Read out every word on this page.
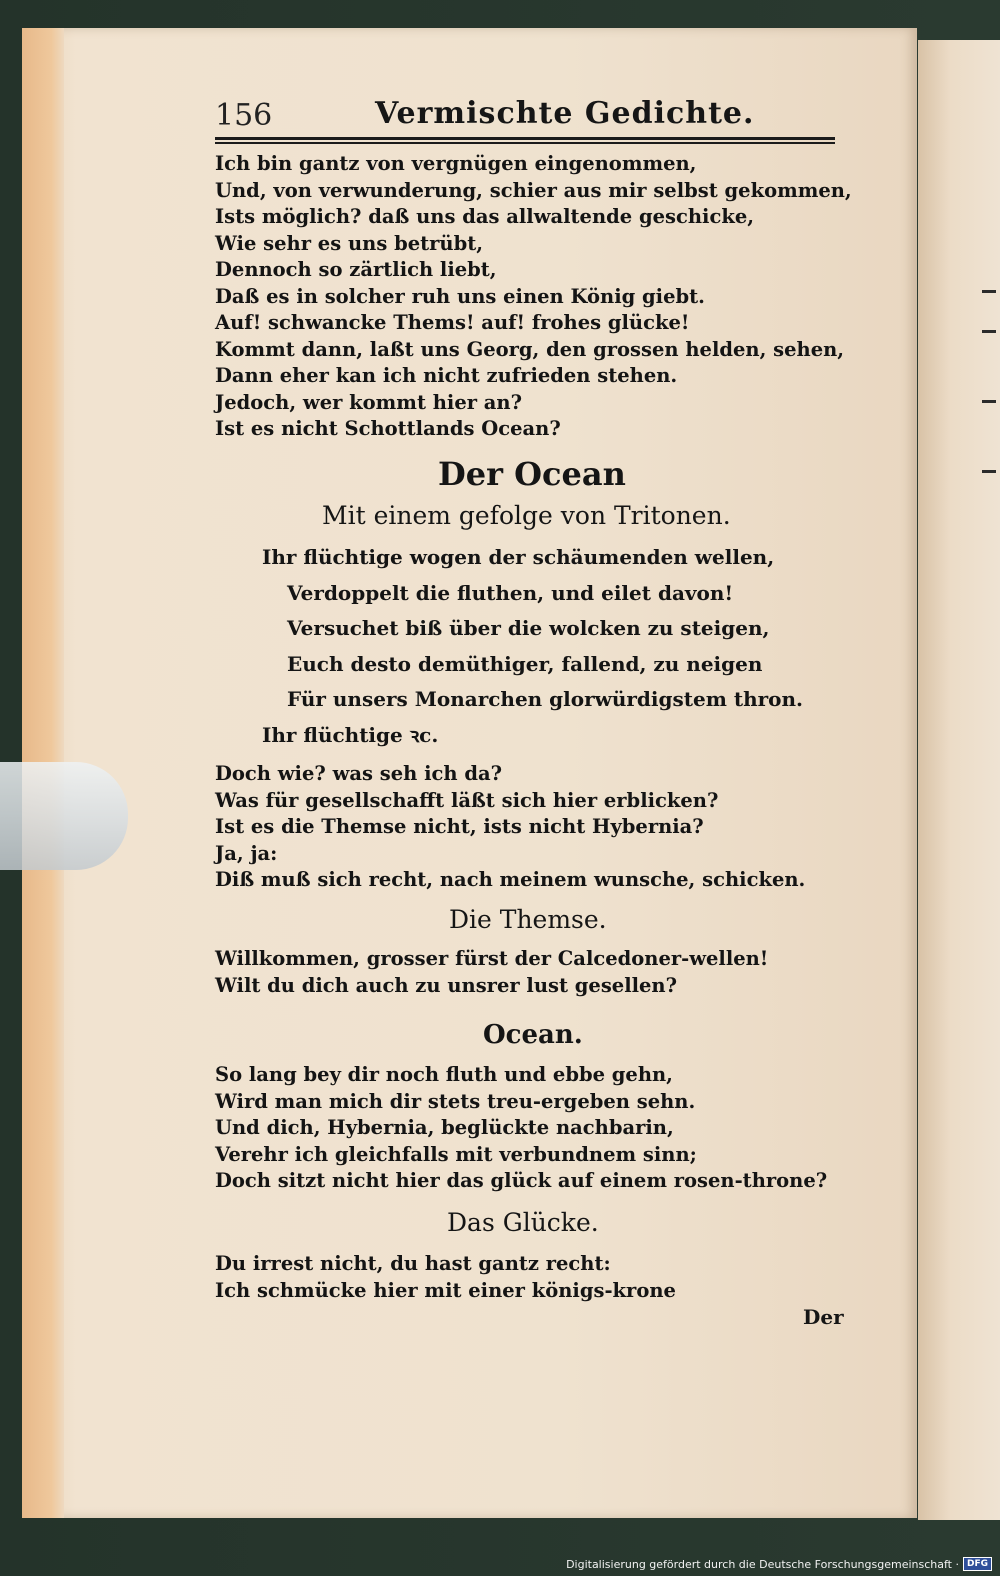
156	Vermischte Gedichte.
Ich bin gantz von vergnügen eingenommen,
Und, von verwunderung, schier aus mir selbst gekommen,
Ists möglich? daß uns das allwaltende geschicke,
Wie sehr es uns betrübt,
Dennoch so zärtlich liebt,
Daß es in solcher ruh uns einen König giebt.
Auf! schwancke Thems! auf! frohes glücke!
Kommt dann, laßt uns Georg, den grossen helden, sehen,
Dann eher kan ich nicht zufrieden stehen.
Jedoch, wer kommt hier an?
Ist es nicht Schottlands Ocean?
Der Ocean
Mit einem gefolge von Tritonen.
Ihr flüchtige wogen der schäumenden wellen,
Verdoppelt die fluthen, und eilet davon!
Versuchet biß über die wolcken zu steigen,
Euch desto demüthiger, fallend, zu neigen
Für unsers Monarchen glorwürdigstem thron.
Ihr flüchtige ꝛc.
Doch wie? was seh ich da?
Was für gesellschafft läßt sich hier erblicken?
Ist es die Themse nicht, ists nicht Hybernia?
Ja, ja:
Diß muß sich recht, nach meinem wunsche, schicken.
Die Themse.
Willkommen, grosser fürst der Calcedoner-wellen!
Wilt du dich auch zu unsrer lust gesellen?
Ocean.
So lang bey dir noch fluth und ebbe gehn,
Wird man mich dir stets treu-ergeben sehn.
Und dich, Hybernia, beglückte nachbarin,
Verehr ich gleichfalls mit verbundnem sinn;
Doch sitzt nicht hier das glück auf einem rosen-throne?
Das Glücke.
Du irrest nicht, du hast gantz recht:
Ich schmücke hier mit einer königs-krone
Der
Digitalisierung gefördert durch die Deutsche Forschungsgemeinschaft · DFG
